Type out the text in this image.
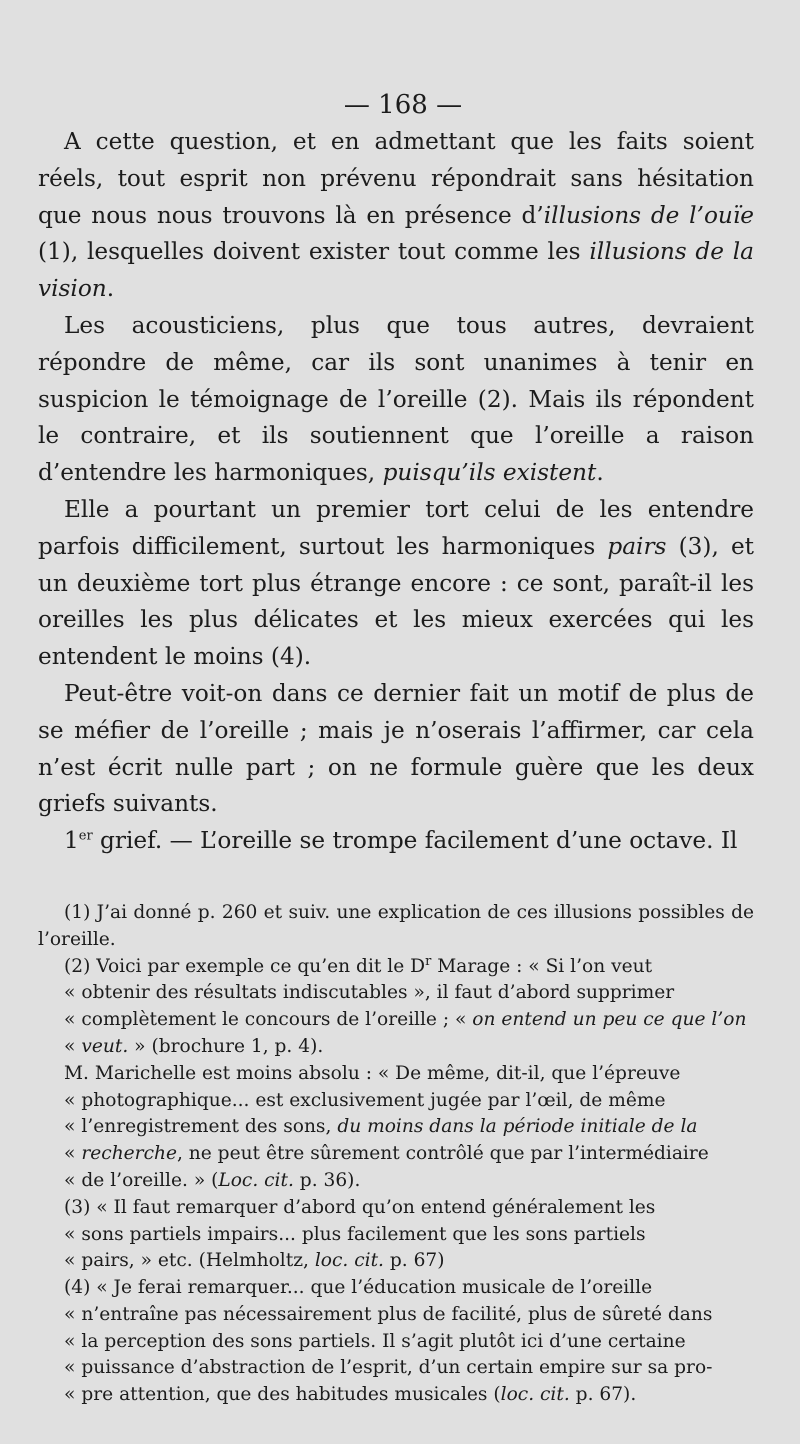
— 168 —

A cette question, et en admettant que les faits soient réels, tout esprit non prévenu répondrait sans hésitation que nous nous trouvons là en présence d’illusions de l’ouïe (1), lesquelles doivent exister tout comme les illusions de la vision.

Les acousticiens, plus que tous autres, devraient répondre de même, car ils sont unanimes à tenir en suspicion le témoignage de l’oreille (2). Mais ils répondent le contraire, et ils soutiennent que l’oreille a raison d’entendre les harmoniques, puisqu’ils existent.

Elle a pourtant un premier tort celui de les entendre parfois difficilement, surtout les harmoniques pairs (3), et un deuxième tort plus étrange encore : ce sont, paraît-il les oreilles les plus délicates et les mieux exercées qui les entendent le moins (4).

Peut-être voit-on dans ce dernier fait un motif de plus de se méfier de l’oreille ; mais je n’oserais l’affirmer, car cela n’est écrit nulle part ; on ne formule guère que les deux griefs suivants.

1er grief. — L’oreille se trompe facilement d’une octave. Il

(1) J’ai donné p. 260 et suiv. une explication de ces illusions possibles de l’oreille.

(2) Voici par exemple ce qu’en dit le $D^r$ Marage : « Si l’on veut
« obtenir des résultats indiscutables », il faut d’abord supprimer
« complètement le concours de l’oreille ; « on entend un peu ce que l’on
« veut. » (brochure 1, p. 4).

M. Marichelle est moins absolu : « De même, dit-il, que l’épreuve
« photographique... est exclusivement jugée par l’œil, de même
« l’enregistrement des sons, du moins dans la période initiale de la
« recherche, ne peut être sûrement contrôlé que par l’intermédiaire
« de l’oreille. » (Loc. cit. p. 36).

(3) « Il faut remarquer d’abord qu’on entend généralement les
« sons partiels impairs... plus facilement que les sons partiels
« pairs, » etc. (Helmholtz, loc. cit. p. 67)

(4) « Je ferai remarquer... que l’éducation musicale de l’oreille
« n’entraîne pas nécessairement plus de facilité, plus de sûreté dans
« la perception des sons partiels. Il s’agit plutôt ici d’une certaine
« puissance d’abstraction de l’esprit, d’un certain empire sur sa pro-
« pre attention, que des habitudes musicales (loc. cit. p. 67).
